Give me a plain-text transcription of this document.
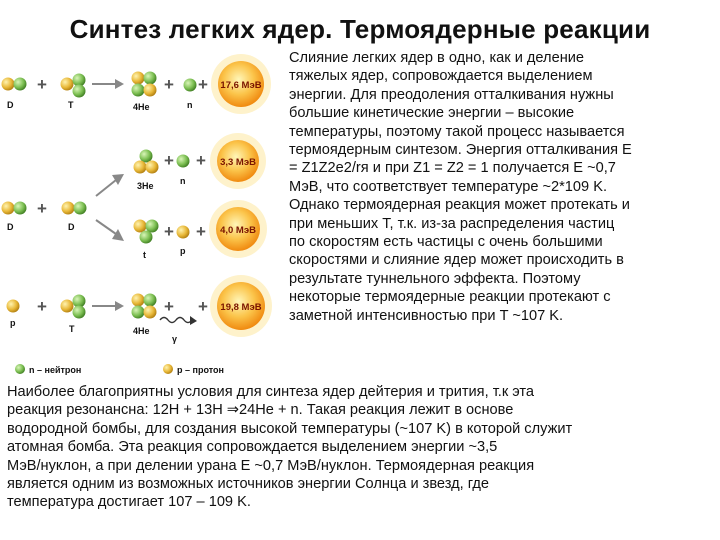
Синтез легких ядер. Термоядерные реакции
D
+
T	4He
+
n
+ 17,6 МэВ
D
+
D
3He
+
n
+ 3,3 МэВ
t
+
p
+ 4,0 МэВ
p
+
T	4He
+
γ
+ 19,8 МэВ
n – нейтрон	p – протон
Слияние легких ядер в одно, как и деление
тяжелых ядер, сопровождается выделением
энергии. Для преодоления отталкивания нужны
большие кинетические энергии – высокие
температуры, поэтому такой процесс называется
термоядерным синтезом. Энергия отталкивания E
= Z1Z2e2/rя и при Z1 = Z2 = 1 получается E ~0,7
МэВ, что соответствует температуре ~2*109 K.
Однако термоядерная реакция может протекать и
при меньших T, т.к. из-за распределения частиц
по скоростям есть частицы с очень большими
скоростями и слияние ядер может происходить в
результате туннельного эффекта. Поэтому
некоторые термоядерные реакции протекают с
заметной интенсивностью при T ~107 K.
Наиболее благоприятны условия для синтеза ядер дейтерия и трития, т.к эта
реакция резонансна: 12H + 13H ⇒24He + n. Такая реакция лежит в основе
водородной бомбы, для создания высокой температуры (~107 K) в которой служит
атомная бомба. Эта реакция сопровождается выделением энергии ~3,5
МэВ/нуклон, а при делении урана E ~0,7 МэВ/нуклон. Термоядерная реакция
является одним из возможных источников энергии Солнца и звезд, где
температура достигает 107 – 109 K.
